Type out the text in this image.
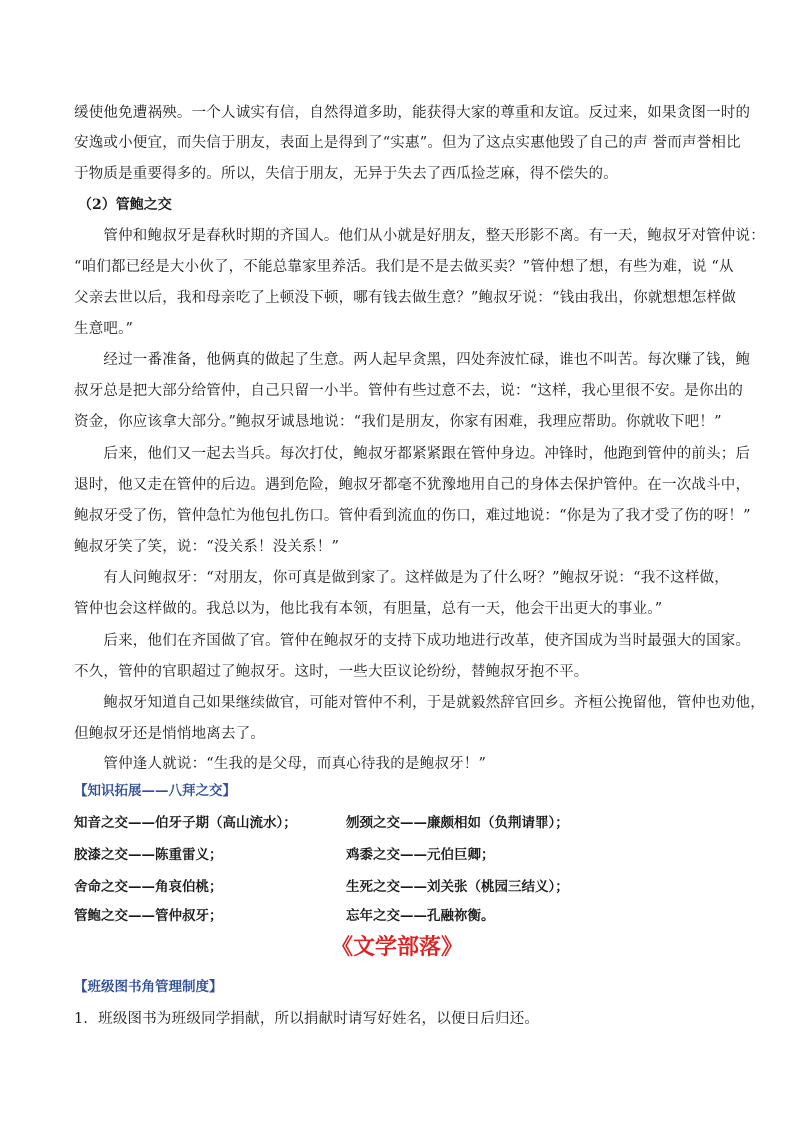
缓使他免遭祸殃。一个人诚实有信，自然得道多助，能获得大家的尊重和友谊。反过来，如果贪图一时的
安逸或小便宜，而失信于朋友，表面上是得到了“实惠”。但为了这点实惠他毁了自己的声 誉而声誉相比
于物质是重要得多的。所以，失信于朋友，无异于失去了西瓜捡芝麻，得不偿失的。
（2）管鲍之交
　　管仲和鲍叔牙是春秋时期的齐国人。他们从小就是好朋友，整天形影不离。有一天，鲍叔牙对管仲说：
“咱们都已经是大小伙了，不能总靠家里养活。我们是不是去做买卖？”管仲想了想，有些为难，说 “从
父亲去世以后，我和母亲吃了上顿没下顿，哪有钱去做生意？”鲍叔牙说：“钱由我出，你就想想怎样做
生意吧。”
　　经过一番准备，他俩真的做起了生意。两人起早贪黑，四处奔波忙碌，谁也不叫苦。每次赚了钱，鲍
叔牙总是把大部分给管仲，自己只留一小半。管仲有些过意不去，说：“这样，我心里很不安。是你出的
资金，你应该拿大部分。”鲍叔牙诚恳地说：“我们是朋友，你家有困难，我理应帮助。你就收下吧！”
　　后来，他们又一起去当兵。每次打仗，鲍叔牙都紧紧跟在管仲身边。冲锋时，他跑到管仲的前头；后
退时，他又走在管仲的后边。遇到危险，鲍叔牙都毫不犹豫地用自己的身体去保护管仲。在一次战斗中，
鲍叔牙受了伤，管仲急忙为他包扎伤口。管仲看到流血的伤口，难过地说：“你是为了我才受了伤的呀！”
鲍叔牙笑了笑，说：“没关系！没关系！”
　　有人问鲍叔牙：“对朋友，你可真是做到家了。这样做是为了什么呀？”鲍叔牙说：“我不这样做，
管仲也会这样做的。我总以为，他比我有本领，有胆量，总有一天，他会干出更大的事业。”
　　后来，他们在齐国做了官。管仲在鲍叔牙的支持下成功地进行改革，使齐国成为当时最强大的国家。
不久，管仲的官职超过了鲍叔牙。这时，一些大臣议论纷纷，替鲍叔牙抱不平。
　　鲍叔牙知道自己如果继续做官，可能对管仲不利，于是就毅然辞官回乡。齐桓公挽留他，管仲也劝他，
但鲍叔牙还是悄悄地离去了。
　　管仲逢人就说：“生我的是父母，而真心待我的是鲍叔牙！”
【知识拓展——八拜之交】
知音之交——伯牙子期（高山流水）；	刎颈之交——廉颇相如（负荆请罪）；
胶漆之交——陈重雷义；	鸡黍之交——元伯巨卿；
舍命之交——角哀伯桃；	生死之交——刘关张（桃园三结义）；
管鲍之交——管仲叔牙；	忘年之交——孔融祢衡。
《文学部落》
【班级图书角管理制度】
1．班级图书为班级同学捐献，所以捐献时请写好姓名，以便日后归还。
